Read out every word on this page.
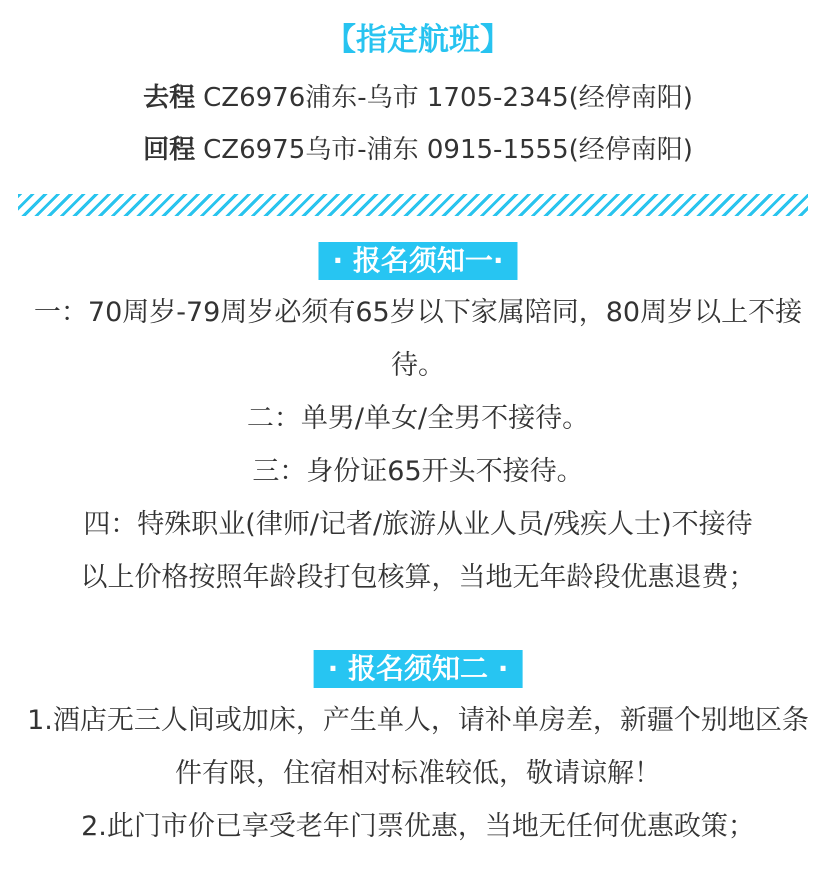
【指定航班】
去程 CZ6976浦东-乌市 1705-2345(经停南阳)
回程 CZ6975乌市-浦东 0915-1555(经停南阳)
· 报名须知一·

一：70周岁-79周岁必须有65岁以下家属陪同，80周岁以上不接待。

二：单男/单女/全男不接待。

三：身份证65开头不接待。

四：特殊职业(律师/记者/旅游从业人员/残疾人士)不接待

以上价格按照年龄段打包核算，当地无年龄段优惠退费；

· 报名须知二 ·

1.酒店无三人间或加床，产生单人，请补单房差，新疆个别地区条件有限，住宿相对标准较低，敬请谅解！

2.此门市价已享受老年门票优惠，当地无任何优惠政策；
